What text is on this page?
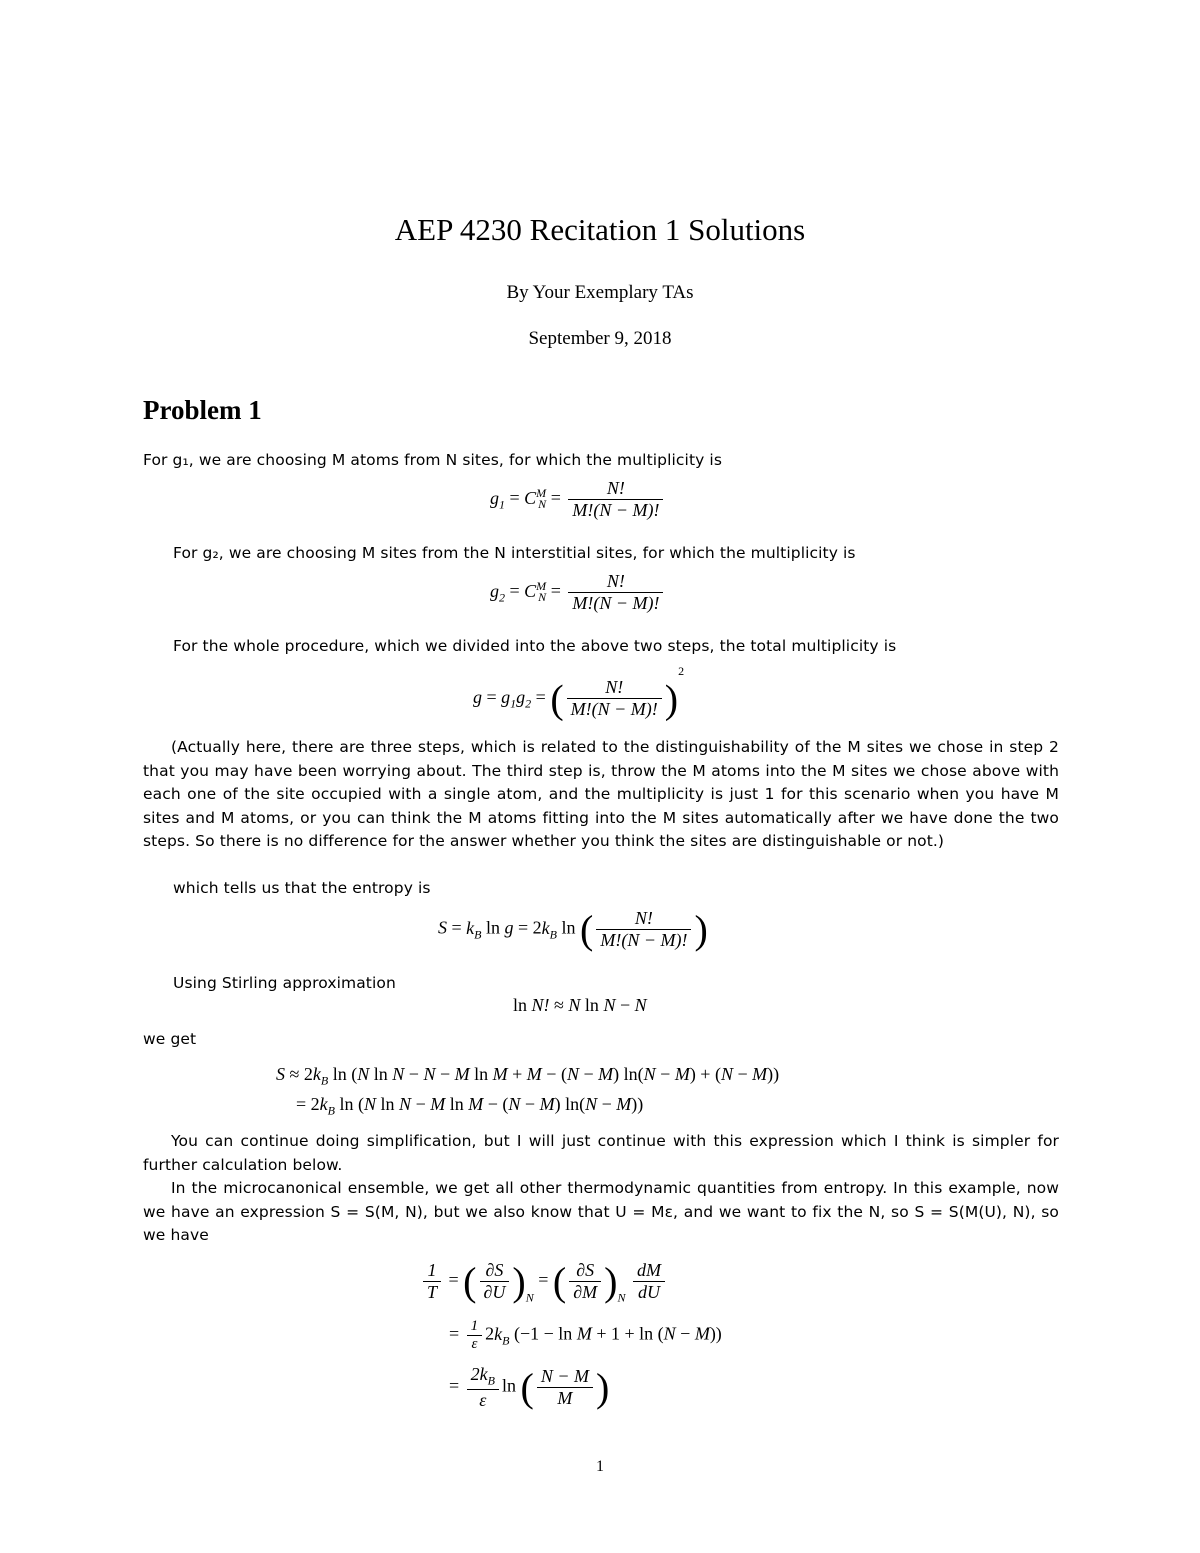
AEP 4230 Recitation 1 Solutions
By Your Exemplary TAs
September 9, 2018
Problem 1
For g₁, we are choosing M atoms from N sites, for which the multiplicity is
$g_1 = C^M_N = \frac{N!}{M!(N - M)!}$
For g₂, we are choosing M sites from the N interstitial sites, for which the multiplicity is
$g_2 = C^M_N = \frac{N!}{M!(N - M)!}$
For the whole procedure, which we divided into the above two steps, the total multiplicity is
$g = g_1g_2$ = ( $\frac{N!}{M!(N - M)!} )^2$
(Actually here, there are three steps, which is related to the distinguishability of the M sites we chose in step 2 that you may have been worrying about. The third step is, throw the M atoms into the M sites we chose above with each one of the site occupied with a single atom, and the multiplicity is just 1 for this scenario when you have M sites and M atoms, or you can think the M atoms fitting into the M sites automatically after we have done the two steps. So there is no difference for the answer whether you think the sites are distinguishable or not.)
which tells us that the entropy is
$S = k_B$ $\ln g = 2k_B$ ln ( $\frac{N!}{M!(N - M)!}$ )
Using Stirling approximation
ln N! ≈ N ln N − N
we get
$S \approx 2k_B$ ln (N ln N − N − M ln M + M − (N − M) ln(N − M) + (N − M))
= $2k_B$ ln (N ln N − M ln M − (N − M) ln(N − M))
You can continue doing simplification, but I will just continue with this expression which I think is simpler for further calculation below.
In the microcanonical ensemble, we get all other thermodynamic quantities from entropy. In this example, now we have an expression S = S(M, N), but we also know that U = Mε, and we want to fix the N, so S = S(M(U), N), so we have
$\frac{1}{T}$ = ( $\frac{\partial S}{\partial U} )_N$ = ( $\frac{\partial S}{\partial M} )_N \frac{dM}{dU}$
= $\frac{1}{\varepsilon} 2k_B$ (−1 − ln M + 1 + ln (N − M))
= $\frac{2k_B}{\varepsilon}$ ln ( $\frac{N - M}{M}$ )
1
